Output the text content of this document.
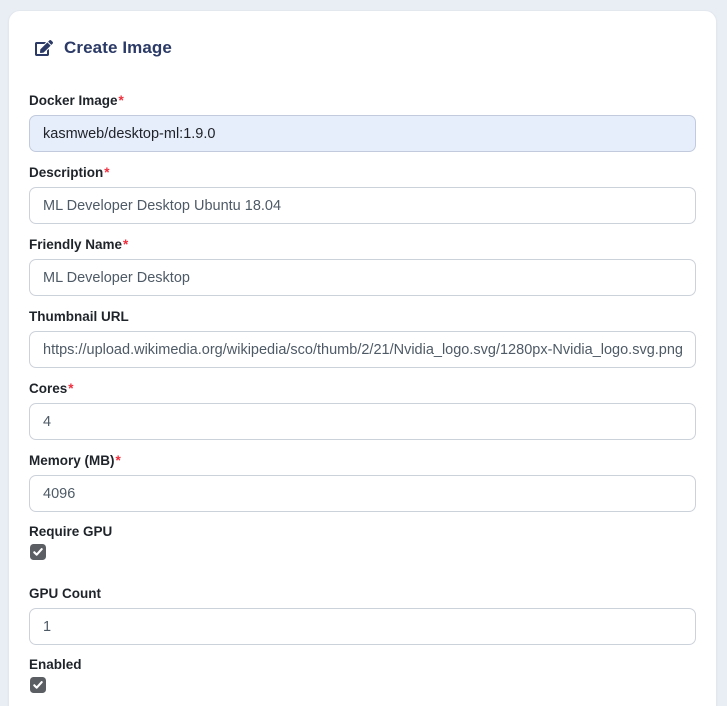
Create Image
Docker Image*
kasmweb/desktop-ml:1.9.0
Description*
ML Developer Desktop Ubuntu 18.04
Friendly Name*
ML Developer Desktop
Thumbnail URL
https://upload.wikimedia.org/wikipedia/sco/thumb/2/21/Nvidia_logo.svg/1280px-Nvidia_logo.svg.png
Cores*
4
Memory (MB)*
4096
Require GPU
GPU Count
1
Enabled
